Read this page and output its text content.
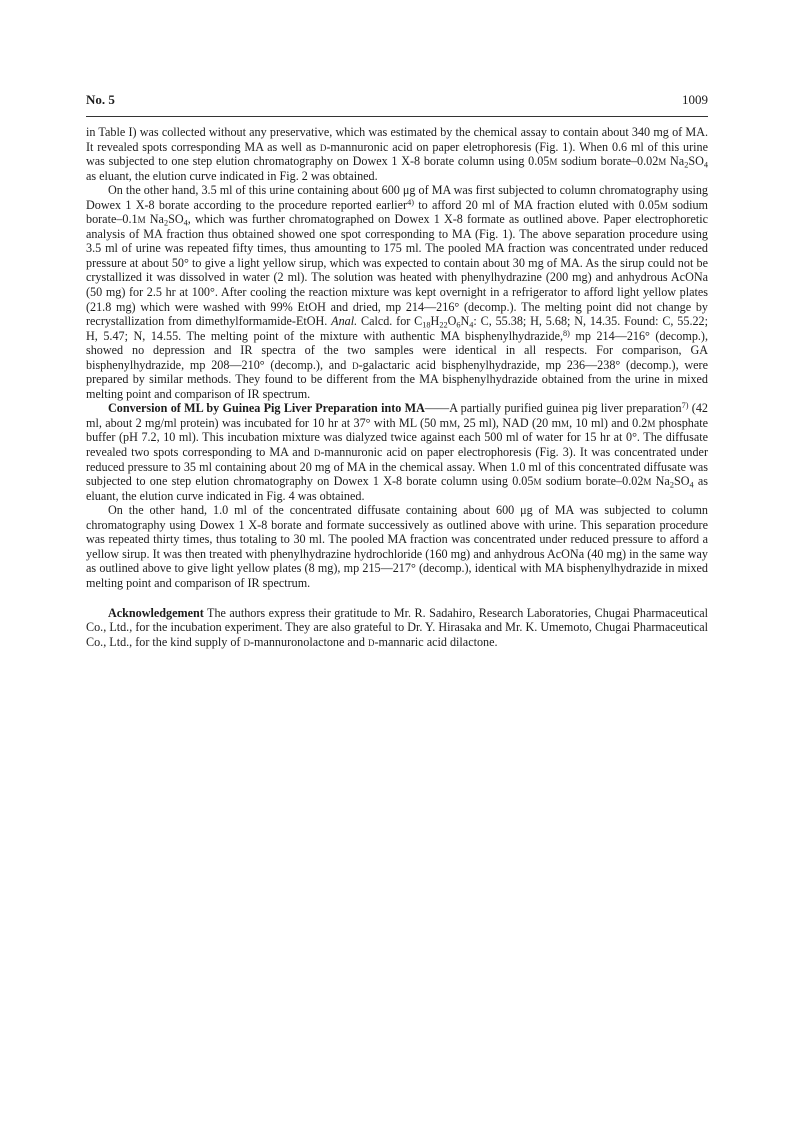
No. 5	1009

in Table I) was collected without any preservative, which was estimated by the chemical assay to contain about 340 mg of MA. It revealed spots corresponding MA as well as d-mannuronic acid on paper eletrophoresis (Fig. 1). When 0.6 ml of this urine was subjected to one step elution chromatography on Dowex 1 X-8 borate column using 0.05m sodium borate–0.02m $Na_2SO_4$ as eluant, the elution curve indicated in Fig. 2 was obtained.

On the other hand, 3.5 ml of this urine containing about 600 μg of MA was first subjected to column chromatography using Dowex 1 X-8 borate according to the procedure reported earlier$^{4)}$ to afford 20 ml of MA fraction eluted with 0.05m sodium borate–0.1m $Na_2SO_4$, which was further chromatographed on Dowex 1 X-8 formate as outlined above. Paper electrophoretic analysis of MA fraction thus obtained showed one spot corresponding to MA (Fig. 1). The above separation procedure using 3.5 ml of urine was repeated fifty times, thus amounting to 175 ml. The pooled MA fraction was concentrated under reduced pressure at about 50° to give a light yellow sirup, which was expected to contain about 30 mg of MA. As the sirup could not be crystallized it was dissolved in water (2 ml). The solution was heated with phenylhydrazine (200 mg) and anhydrous AcONa (50 mg) for 2.5 hr at 100°. After cooling the reaction mixture was kept overnight in a refrigerator to afford light yellow plates (21.8 mg) which were washed with 99% EtOH and dried, mp 214—216° (decomp.). The melting point did not change by recrystallization from dimethylformamide-EtOH. Anal. Calcd. for $C_{18}H_{22}O_6N_4$: C, 55.38; H, 5.68; N, 14.35. Found: C, 55.22; H, 5.47; N, 14.55. The melting point of the mixture with authentic MA bisphenylhydrazide,$^{8)}$ mp 214—216° (decomp.), showed no depression and IR spectra of the two samples were identical in all respects. For comparison, GA bisphenylhydrazide, mp 208—210° (decomp.), and d-galactaric acid bisphenylhydrazide, mp 236—238° (decomp.), were prepared by similar methods. They found to be different from the MA bisphenylhydrazide obtained from the urine in mixed melting point and comparison of IR spectrum.

Conversion of ML by Guinea Pig Liver Preparation into MA——A partially purified guinea pig liver preparation$^{7)}$ (42 ml, about 2 mg/ml protein) was incubated for 10 hr at 37° with ML (50 mm, 25 ml), NAD (20 mm, 10 ml) and 0.2m phosphate buffer (pH 7.2, 10 ml). This incubation mixture was dialyzed twice against each 500 ml of water for 15 hr at 0°. The diffusate revealed two spots corresponding to MA and d-mannuronic acid on paper electrophoresis (Fig. 3). It was concentrated under reduced pressure to 35 ml containing about 20 mg of MA in the chemical assay. When 1.0 ml of this concentrated diffusate was subjected to one step elution chromatography on Dowex 1 X-8 borate column using 0.05m sodium borate–0.02m $Na_2SO_4$ as eluant, the elution curve indicated in Fig. 4 was obtained.

On the other hand, 1.0 ml of the concentrated diffusate containing about 600 μg of MA was subjected to column chromatography using Dowex 1 X-8 borate and formate successively as outlined above with urine. This separation procedure was repeated thirty times, thus totaling to 30 ml. The pooled MA fraction was concentrated under reduced pressure to afford a yellow sirup. It was then treated with phenylhydrazine hydrochloride (160 mg) and anhydrous AcONa (40 mg) in the same way as outlined above to give light yellow plates (8 mg), mp 215—217° (decomp.), identical with MA bisphenylhydrazide in mixed melting point and comparison of IR spectrum.

Acknowledgement The authors express their gratitude to Mr. R. Sadahiro, Research Laboratories, Chugai Pharmaceutical Co., Ltd., for the incubation experiment. They are also grateful to Dr. Y. Hirasaka and Mr. K. Umemoto, Chugai Pharmaceutical Co., Ltd., for the kind supply of d-mannuronolactone and d-mannaric acid dilactone.
